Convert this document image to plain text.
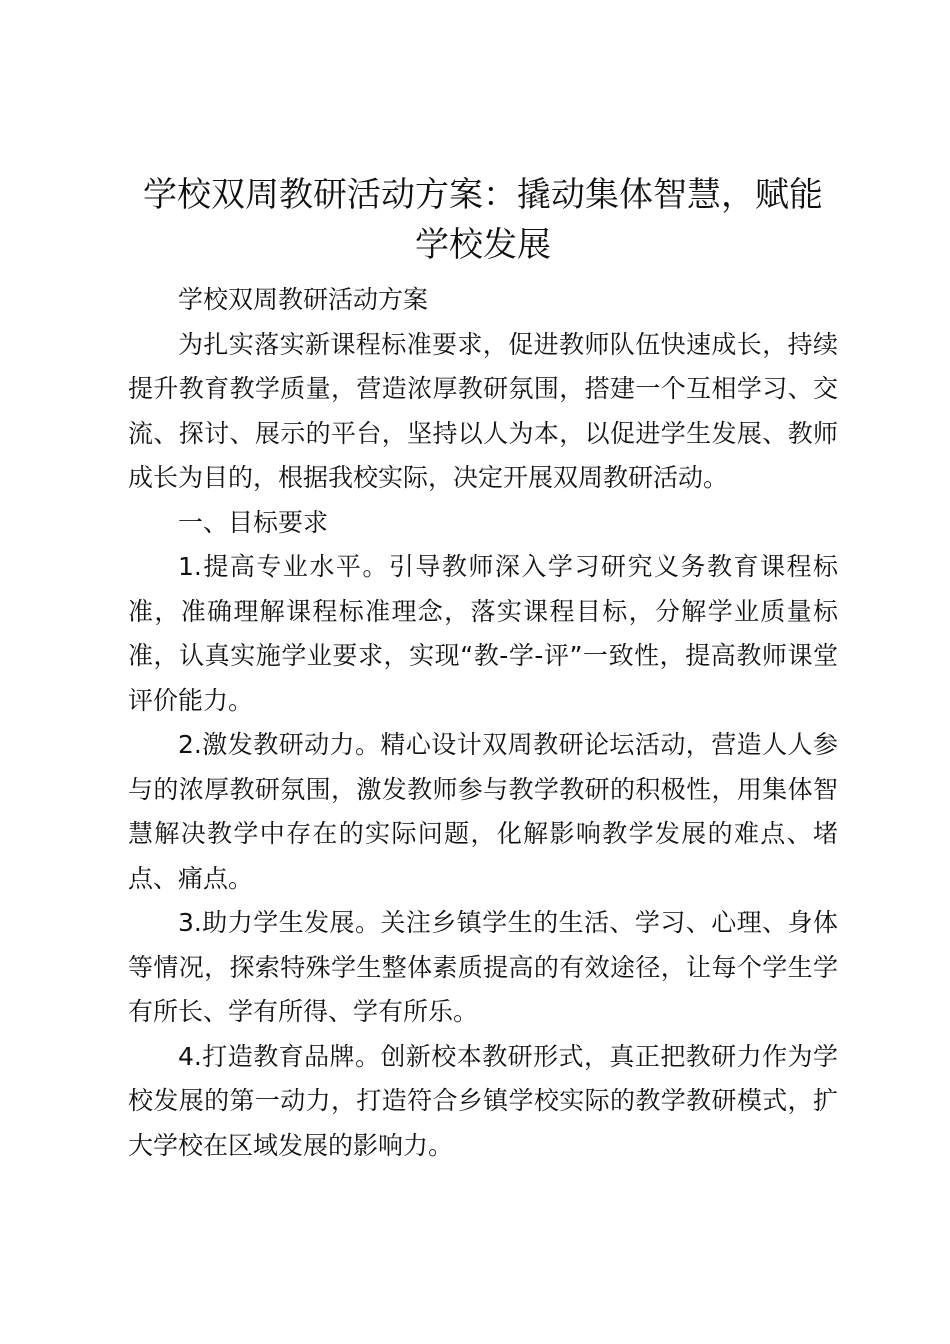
学校双周教研活动方案：撬动集体智慧，赋能学校发展

学校双周教研活动方案

为扎实落实新课程标准要求，促进教师队伍快速成长，持续提升教育教学质量，营造浓厚教研氛围，搭建一个互相学习、交流、探讨、展示的平台，坚持以人为本，以促进学生发展、教师成长为目的，根据我校实际，决定开展双周教研活动。

一、目标要求

1.提高专业水平。引导教师深入学习研究义务教育课程标准，准确理解课程标准理念，落实课程目标，分解学业质量标准，认真实施学业要求，实现“教-学-评”一致性，提高教师课堂评价能力。

2.激发教研动力。精心设计双周教研论坛活动，营造人人参与的浓厚教研氛围，激发教师参与教学教研的积极性，用集体智慧解决教学中存在的实际问题，化解影响教学发展的难点、堵点、痛点。

3.助力学生发展。关注乡镇学生的生活、学习、心理、身体等情况，探索特殊学生整体素质提高的有效途径，让每个学生学有所长、学有所得、学有所乐。

4.打造教育品牌。创新校本教研形式，真正把教研力作为学校发展的第一动力，打造符合乡镇学校实际的教学教研模式，扩大学校在区域发展的影响力。
